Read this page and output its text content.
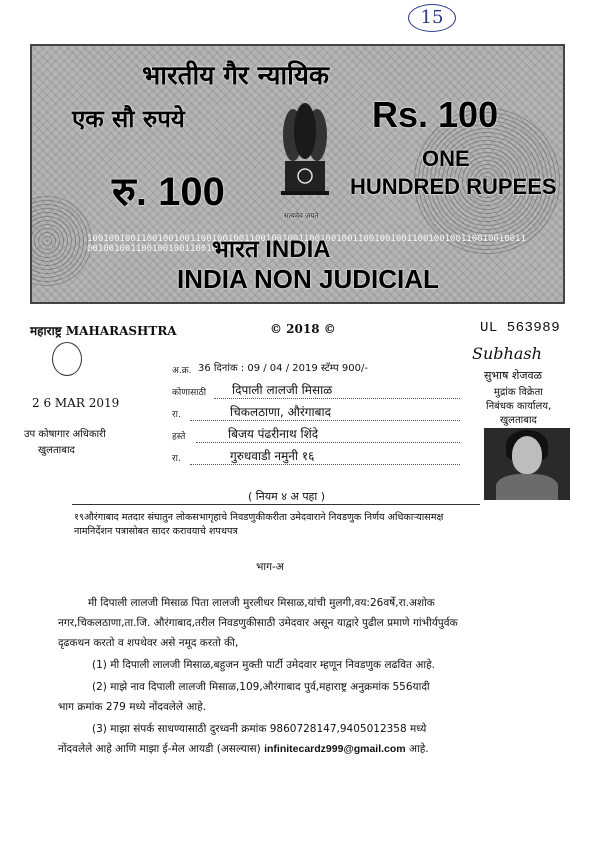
15
10010010011001001001100100100110010010011001001001100100100110010010011001001001100100100110010010011001001001
भारतीय गैर न्यायिक
एक सौ रुपये	Rs. 100
रु. 100
ONE
HUNDRED RUPEES
सत्यमेव जयते
भारत INDIA
INDIA NON JUDICIAL
महाराष्ट्र MAHARASHTRA	© 2018 ©	UL 563989
2 6 MAR 2019
उप कोषागार अधिकारी
खुलताबाद
अ.क्र. 36 दिनांक : 09 / 04 / 2019 स्टॅम्प 900/-
कोणासाठी दिपाली लालजी मिसाळ
रा.	चिकलठाणा, औरंगाबाद
हस्ते	बिजय पंढरीनाथ शिंदे
रा.	गुरुधवाडी नमुनी १६
Subhash
सुभाष शेजवळ
मुद्रांक विक्रेता
निबंधक कार्यालय,
खुलताबाद
( नियम ४ अ पहा )
१९औरंगाबाद मतदार संघातुन लोकसभागृहाचे निवडणुकीकरीता उमेदवाराने निवडणुक निर्णय अधिकाऱ्यासमक्ष
नामनिर्देशन पत्रासोबत सादर करावयाचे शपथपत्र
भाग-अ
मी दिपाली लालजी मिसाळ पिता लालजी मुरलीधर मिसाळ,यांची मुलगी,वय:26वर्षे,रा.अशोक
नगर,चिकलठाणा,ता.जि. औरंगाबाद,तरील निवडणुकीसाठी उमेदवार असून याद्वारे पुढील प्रमाणे गांभीर्यपुर्वक
दृढकथन करतो व शपथेवर असे नमूद करतो की,
(1) मी दिपाली लालजी मिसाळ,बहुजन मुक्ती पार्टी उमेदवार म्हणून निवडणुक लढवित आहे.
(2) माझे नाव दिपाली लालजी मिसाळ,109,औरंगाबाद पुर्व,महाराष्ट्र अनुक्रमांक 556यादी
भाग क्रमांक 279 मध्ये नोंदवलेले आहे.
(3) माझा संपर्क साधण्यासाठी दुरध्वनी क्रमांक 9860728147,9405012358 मध्ये
नोंदवलेले आहे आणि माझा ई-मेल आयडी (असल्यास) infinitecardz999@gmail.com आहे.
